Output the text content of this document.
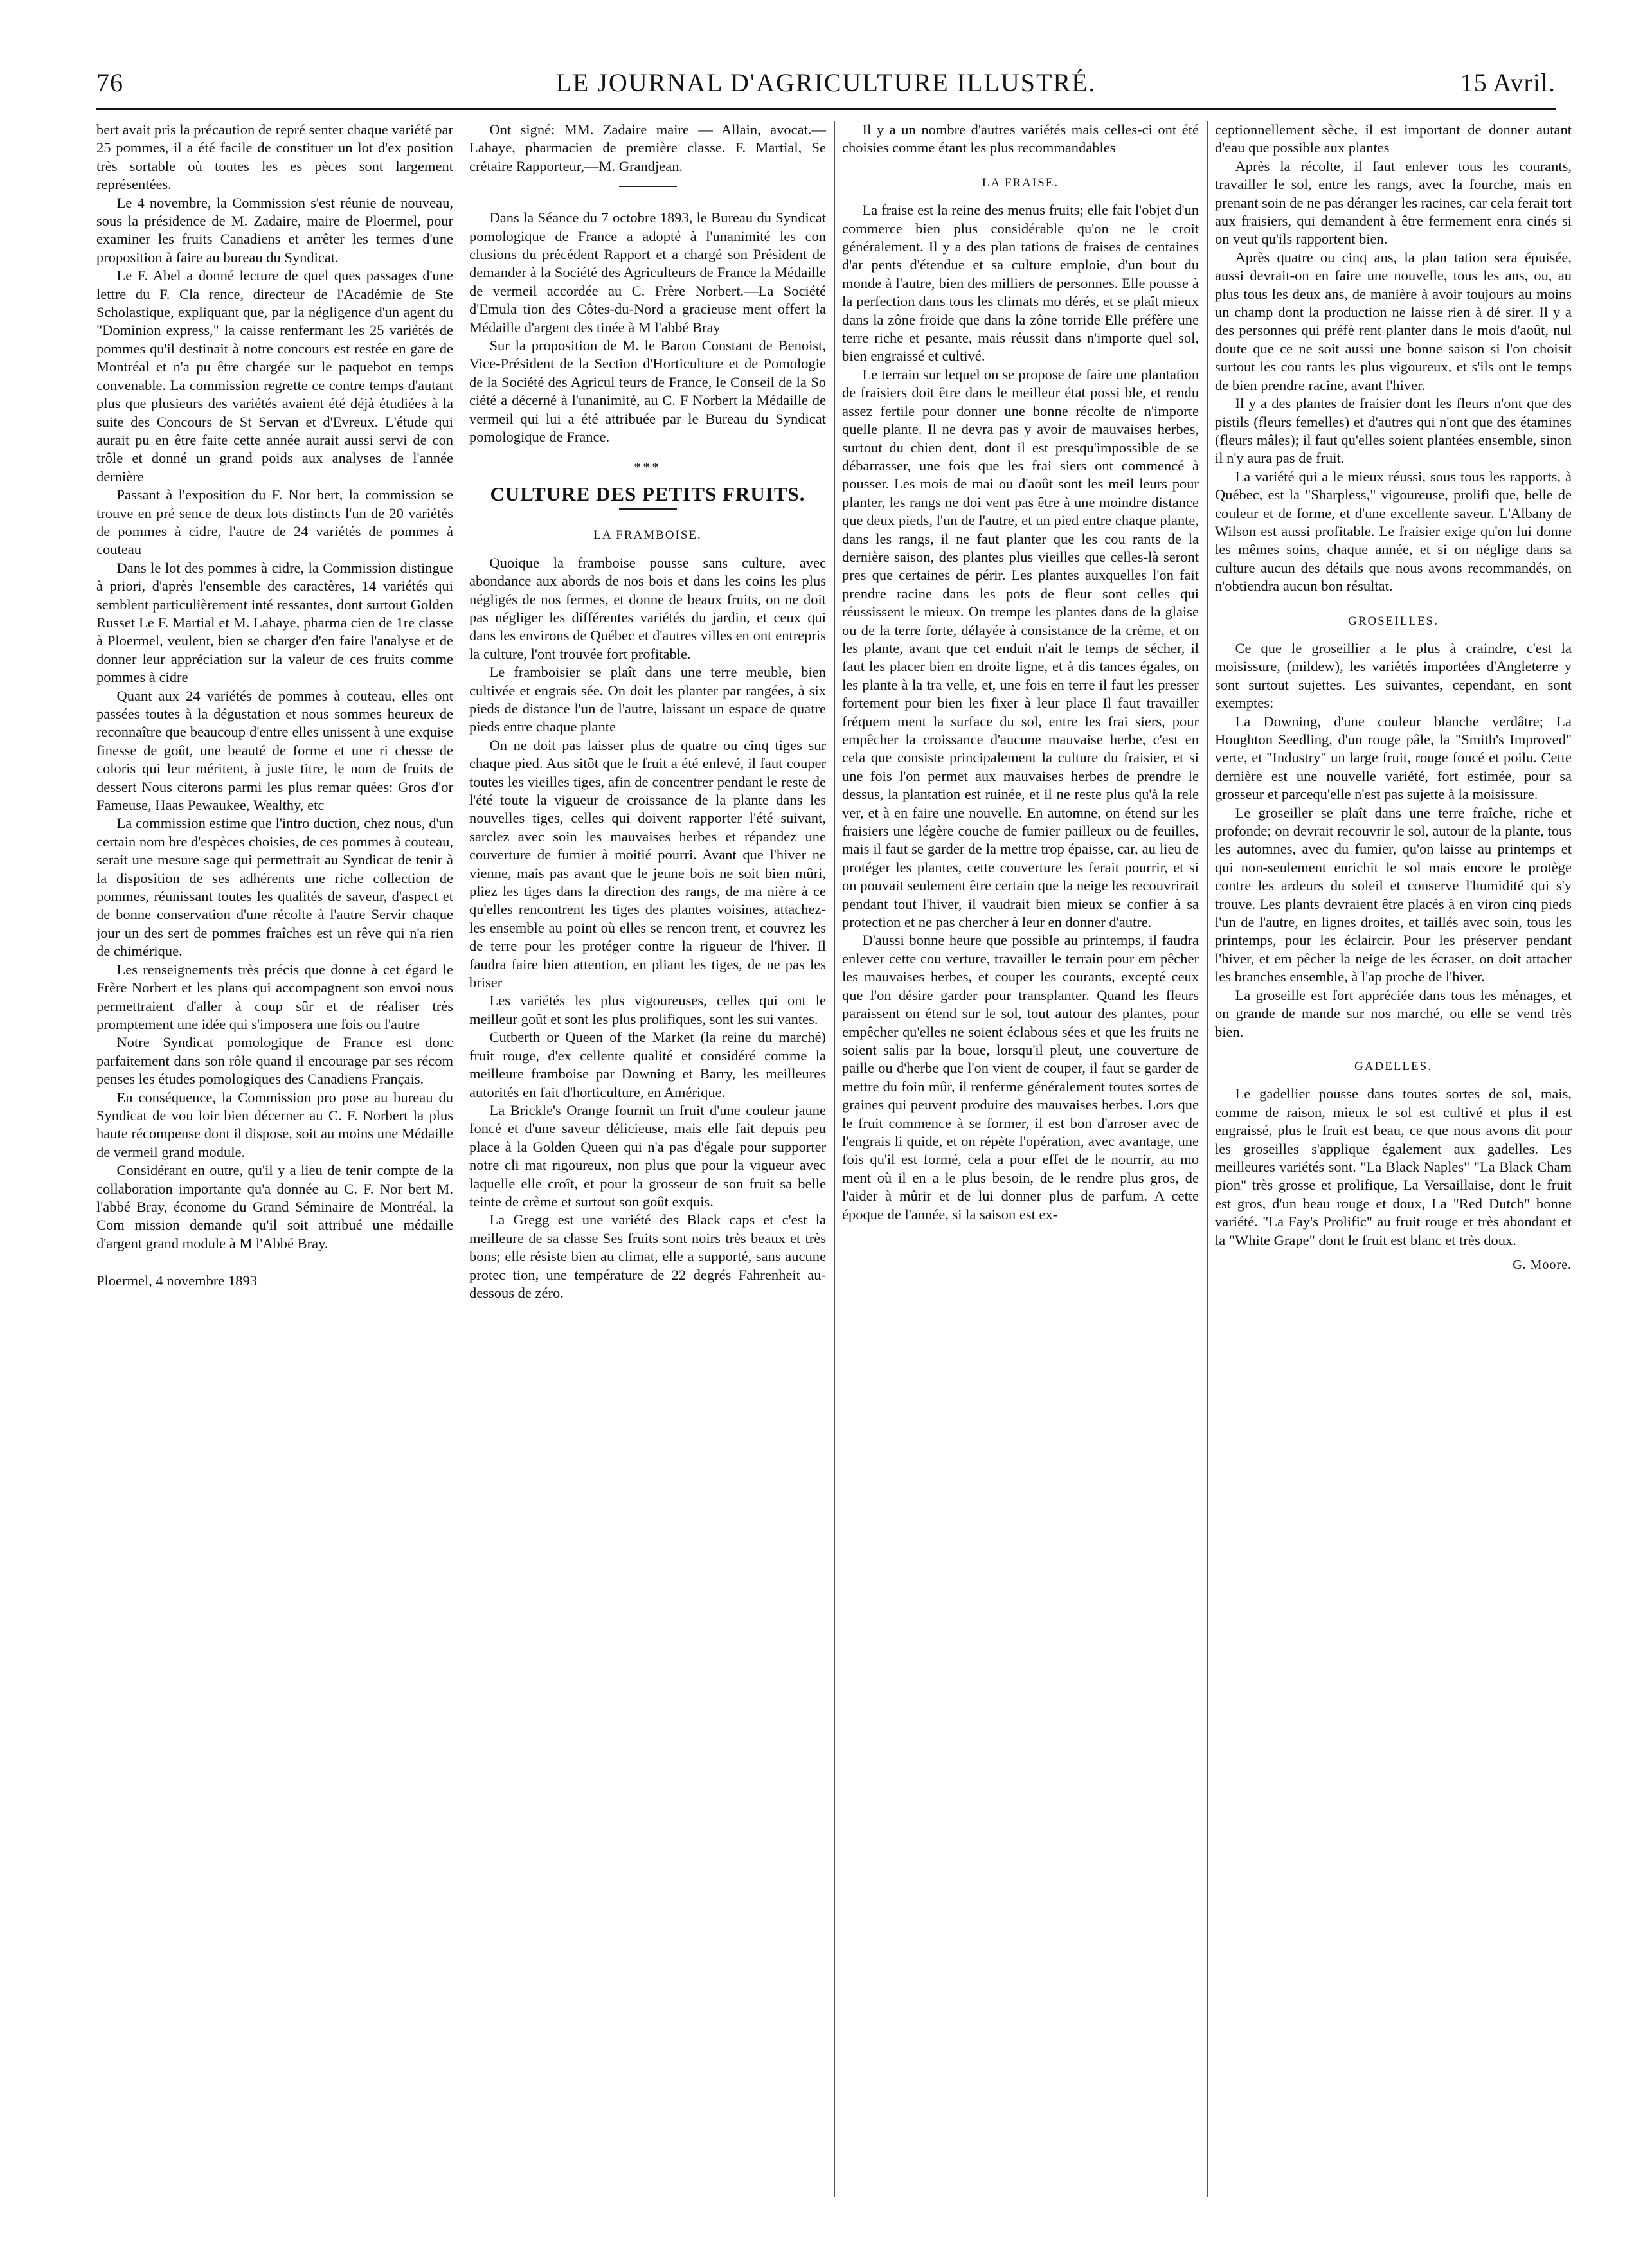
76	LE JOURNAL D'AGRICULTURE ILLUSTRÉ.	15 Avril.

bert avait pris la précaution de repré senter chaque variété par 25 pommes, il a été facile de constituer un lot d'ex position très sortable où toutes les es pèces sont largement représentées.

Le 4 novembre, la Commission s'est réunie de nouveau, sous la présidence de M. Zadaire, maire de Ploermel, pour examiner les fruits Canadiens et arrêter les termes d'une proposition à faire au bureau du Syndicat.

Le F. Abel a donné lecture de quel ques passages d'une lettre du F. Cla rence, directeur de l'Académie de Ste Scholastique, expliquant que, par la négligence d'un agent du "Dominion express," la caisse renfermant les 25 variétés de pommes qu'il destinait à notre concours est restée en gare de Montréal et n'a pu être chargée sur le paquebot en temps convenable. La commission regrette ce contre temps d'autant plus que plusieurs des variétés avaient été déjà étudiées à la suite des Concours de St Servan et d'Evreux. L'étude qui aurait pu en être faite cette année aurait aussi servi de con trôle et donné un grand poids aux analyses de l'année dernière

Passant à l'exposition du F. Nor bert, la commission se trouve en pré sence de deux lots distincts l'un de 20 variétés de pommes à cidre, l'autre de 24 variétés de pommes à couteau

Dans le lot des pommes à cidre, la Commission distingue à priori, d'après l'ensemble des caractères, 14 variétés qui semblent particulièrement inté ressantes, dont surtout Golden Russet Le F. Martial et M. Lahaye, pharma cien de 1re classe à Ploermel, veulent, bien se charger d'en faire l'analyse et de donner leur appréciation sur la valeur de ces fruits comme pommes à cidre

Quant aux 24 variétés de pommes à couteau, elles ont passées toutes à la dégustation et nous sommes heureux de reconnaître que beaucoup d'entre elles unissent à une exquise finesse de goût, une beauté de forme et une ri chesse de coloris qui leur méritent, à juste titre, le nom de fruits de dessert Nous citerons parmi les plus remar quées: Gros d'or Fameuse, Haas Pewaukee, Wealthy, etc

La commission estime que l'intro duction, chez nous, d'un certain nom bre d'espèces choisies, de ces pommes à couteau, serait une mesure sage qui permettrait au Syndicat de tenir à la disposition de ses adhérents une riche collection de pommes, réunissant toutes les qualités de saveur, d'aspect et de bonne conservation d'une récolte à l'autre Servir chaque jour un des sert de pommes fraîches est un rêve qui n'a rien de chimérique.

Les renseignements très précis que donne à cet égard le Frère Norbert et les plans qui accompagnent son envoi nous permettraient d'aller à coup sûr et de réaliser très promptement une idée qui s'imposera une fois ou l'autre

Notre Syndicat pomologique de France est donc parfaitement dans son rôle quand il encourage par ses récom penses les études pomologiques des Canadiens Français.

En conséquence, la Commission pro pose au bureau du Syndicat de vou loir bien décerner au C. F. Norbert la plus haute récompense dont il dispose, soit au moins une Médaille de vermeil grand module.

Considérant en outre, qu'il y a lieu de tenir compte de la collaboration importante qu'a donnée au C. F. Nor bert M. l'abbé Bray, économe du Grand Séminaire de Montréal, la Com mission demande qu'il soit attribué une médaille d'argent grand module à M l'Abbé Bray.

Ploermel, 4 novembre 1893

Ont signé: MM. Zadaire maire — Allain, avocat.—Lahaye, pharmacien de première classe. F. Martial, Se crétaire Rapporteur,—M. Grandjean.

Dans la Séance du 7 octobre 1893, le Bureau du Syndicat pomologique de France a adopté à l'unanimité les con clusions du précédent Rapport et a chargé son Président de demander à la Société des Agriculteurs de France la Médaille de vermeil accordée au C. Frère Norbert.—La Société d'Emula tion des Côtes-du-Nord a gracieuse ment offert la Médaille d'argent des tinée à M l'abbé Bray

Sur la proposition de M. le Baron Constant de Benoist, Vice-Président de la Section d'Horticulture et de Pomologie de la Société des Agricul teurs de France, le Conseil de la So ciété a décerné à l'unanimité, au C. F Norbert la Médaille de vermeil qui lui a été attribuée par le Bureau du Syndicat pomologique de France.

***

CULTURE DES PETITS FRUITS.

LA FRAMBOISE.

Quoique la framboise pousse sans culture, avec abondance aux abords de nos bois et dans les coins les plus négligés de nos fermes, et donne de beaux fruits, on ne doit pas négliger les différentes variétés du jardin, et ceux qui dans les environs de Québec et d'autres villes en ont entrepris la culture, l'ont trouvée fort profitable.

Le framboisier se plaît dans une terre meuble, bien cultivée et engrais sée. On doit les planter par rangées, à six pieds de distance l'un de l'autre, laissant un espace de quatre pieds entre chaque plante

On ne doit pas laisser plus de quatre ou cinq tiges sur chaque pied. Aus sitôt que le fruit a été enlevé, il faut couper toutes les vieilles tiges, afin de concentrer pendant le reste de l'été toute la vigueur de croissance de la plante dans les nouvelles tiges, celles qui doivent rapporter l'été suivant, sarclez avec soin les mauvaises herbes et répandez une couverture de fumier à moitié pourri. Avant que l'hiver ne vienne, mais pas avant que le jeune bois ne soit bien mûri, pliez les tiges dans la direction des rangs, de ma nière à ce qu'elles rencontrent les tiges des plantes voisines, attachez-les ensemble au point où elles se rencon trent, et couvrez les de terre pour les protéger contre la rigueur de l'hiver. Il faudra faire bien attention, en pliant les tiges, de ne pas les briser

Les variétés les plus vigoureuses, celles qui ont le meilleur goût et sont les plus prolifiques, sont les sui vantes.

Cutberth or Queen of the Market (la reine du marché) fruit rouge, d'ex cellente qualité et considéré comme la meilleure framboise par Downing et Barry, les meilleures autorités en fait d'horticulture, en Amérique.

La Brickle's Orange fournit un fruit d'une couleur jaune foncé et d'une saveur délicieuse, mais elle fait depuis peu place à la Golden Queen qui n'a pas d'égale pour supporter notre cli mat rigoureux, non plus que pour la vigueur avec laquelle elle croît, et pour la grosseur de son fruit sa belle teinte de crème et surtout son goût exquis.

La Gregg est une variété des Black caps et c'est la meilleure de sa classe Ses fruits sont noirs très beaux et très bons; elle résiste bien au climat, elle a supporté, sans aucune protec tion, une température de 22 degrés Fahrenheit au-dessous de zéro.

Il y a un nombre d'autres variétés mais celles-ci ont été choisies comme étant les plus recommandables

LA FRAISE.

La fraise est la reine des menus fruits; elle fait l'objet d'un commerce bien plus considérable qu'on ne le croit généralement. Il y a des plan tations de fraises de centaines d'ar pents d'étendue et sa culture emploie, d'un bout du monde à l'autre, bien des milliers de personnes. Elle pousse à la perfection dans tous les climats mo dérés, et se plaît mieux dans la zône froide que dans la zône torride Elle préfère une terre riche et pesante, mais réussit dans n'importe quel sol, bien engraissé et cultivé.

Le terrain sur lequel on se propose de faire une plantation de fraisiers doit être dans le meilleur état possi ble, et rendu assez fertile pour donner une bonne récolte de n'importe quelle plante. Il ne devra pas y avoir de mauvaises herbes, surtout du chien dent, dont il est presqu'impossible de se débarrasser, une fois que les frai siers ont commencé à pousser. Les mois de mai ou d'août sont les meil leurs pour planter, les rangs ne doi vent pas être à une moindre distance que deux pieds, l'un de l'autre, et un pied entre chaque plante, dans les rangs, il ne faut planter que les cou rants de la dernière saison, des plantes plus vieilles que celles-là seront pres que certaines de périr. Les plantes auxquelles l'on fait prendre racine dans les pots de fleur sont celles qui réussissent le mieux. On trempe les plantes dans de la glaise ou de la terre forte, délayée à consistance de la crème, et on les plante, avant que cet enduit n'ait le temps de sécher, il faut les placer bien en droite ligne, et à dis tances égales, on les plante à la tra velle, et, une fois en terre il faut les presser fortement pour bien les fixer à leur place Il faut travailler fréquem ment la surface du sol, entre les frai siers, pour empêcher la croissance d'aucune mauvaise herbe, c'est en cela que consiste principalement la culture du fraisier, et si une fois l'on permet aux mauvaises herbes de prendre le dessus, la plantation est ruinée, et il ne reste plus qu'à la rele ver, et à en faire une nouvelle. En automne, on étend sur les fraisiers une légère couche de fumier pailleux ou de feuilles, mais il faut se garder de la mettre trop épaisse, car, au lieu de protéger les plantes, cette couverture les ferait pourrir, et si on pouvait seulement être certain que la neige les recouvrirait pendant tout l'hiver, il vaudrait bien mieux se confier à sa protection et ne pas chercher à leur en donner d'autre.

D'aussi bonne heure que possible au printemps, il faudra enlever cette cou verture, travailler le terrain pour em pêcher les mauvaises herbes, et couper les courants, excepté ceux que l'on désire garder pour transplanter. Quand les fleurs paraissent on étend sur le sol, tout autour des plantes, pour empêcher qu'elles ne soient éclabous sées et que les fruits ne soient salis par la boue, lorsqu'il pleut, une couverture de paille ou d'herbe que l'on vient de couper, il faut se garder de mettre du foin mûr, il renferme généralement toutes sortes de graines qui peuvent produire des mauvaises herbes. Lors que le fruit commence à se former, il est bon d'arroser avec de l'engrais li quide, et on répète l'opération, avec avantage, une fois qu'il est formé, cela a pour effet de le nourrir, au mo ment où il en a le plus besoin, de le rendre plus gros, de l'aider à mûrir et de lui donner plus de parfum. A cette époque de l'année, si la saison est ex-

ceptionnellement sèche, il est important de donner autant d'eau que possible aux plantes

Après la récolte, il faut enlever tous les courants, travailler le sol, entre les rangs, avec la fourche, mais en prenant soin de ne pas déranger les racines, car cela ferait tort aux fraisiers, qui demandent à être fermement enra cinés si on veut qu'ils rapportent bien.

Après quatre ou cinq ans, la plan tation sera épuisée, aussi devrait-on en faire une nouvelle, tous les ans, ou, au plus tous les deux ans, de manière à avoir toujours au moins un champ dont la production ne laisse rien à dé sirer. Il y a des personnes qui préfè rent planter dans le mois d'août, nul doute que ce ne soit aussi une bonne saison si l'on choisit surtout les cou rants les plus vigoureux, et s'ils ont le temps de bien prendre racine, avant l'hiver.

Il y a des plantes de fraisier dont les fleurs n'ont que des pistils (fleurs femelles) et d'autres qui n'ont que des étamines (fleurs mâles); il faut qu'elles soient plantées ensemble, sinon il n'y aura pas de fruit.

La variété qui a le mieux réussi, sous tous les rapports, à Québec, est la "Sharpless," vigoureuse, prolifi que, belle de couleur et de forme, et d'une excellente saveur. L'Albany de Wilson est aussi profitable. Le fraisier exige qu'on lui donne les mêmes soins, chaque année, et si on néglige dans sa culture aucun des détails que nous avons recommandés, on n'obtiendra aucun bon résultat.

GROSEILLES.

Ce que le groseillier a le plus à craindre, c'est la moisissure, (mildew), les variétés importées d'Angleterre y sont surtout sujettes. Les suivantes, cependant, en sont exemptes:

La Downing, d'une couleur blanche verdâtre; La Houghton Seedling, d'un rouge pâle, la "Smith's Improved" verte, et "Industry" un large fruit, rouge foncé et poilu. Cette dernière est une nouvelle variété, fort estimée, pour sa grosseur et parcequ'elle n'est pas sujette à la moisissure.

Le groseiller se plaît dans une terre fraîche, riche et profonde; on devrait recouvrir le sol, autour de la plante, tous les automnes, avec du fumier, qu'on laisse au printemps et qui non-seulement enrichit le sol mais encore le protège contre les ardeurs du soleil et conserve l'humidité qui s'y trouve. Les plants devraient être placés à en viron cinq pieds l'un de l'autre, en lignes droites, et taillés avec soin, tous les printemps, pour les éclaircir. Pour les préserver pendant l'hiver, et em pêcher la neige de les écraser, on doit attacher les branches ensemble, à l'ap proche de l'hiver.

La groseille est fort appréciée dans tous les ménages, et on grande de mande sur nos marché, ou elle se vend très bien.

GADELLES.

Le gadellier pousse dans toutes sortes de sol, mais, comme de raison, mieux le sol est cultivé et plus il est engraissé, plus le fruit est beau, ce que nous avons dit pour les groseilles s'applique également aux gadelles. Les meilleures variétés sont. "La Black Naples" "La Black Cham pion" très grosse et prolifique, La Versaillaise, dont le fruit est gros, d'un beau rouge et doux, La "Red Dutch" bonne variété. "La Fay's Prolific" au fruit rouge et très abondant et la "White Grape" dont le fruit est blanc et très doux.

G. Moore.
